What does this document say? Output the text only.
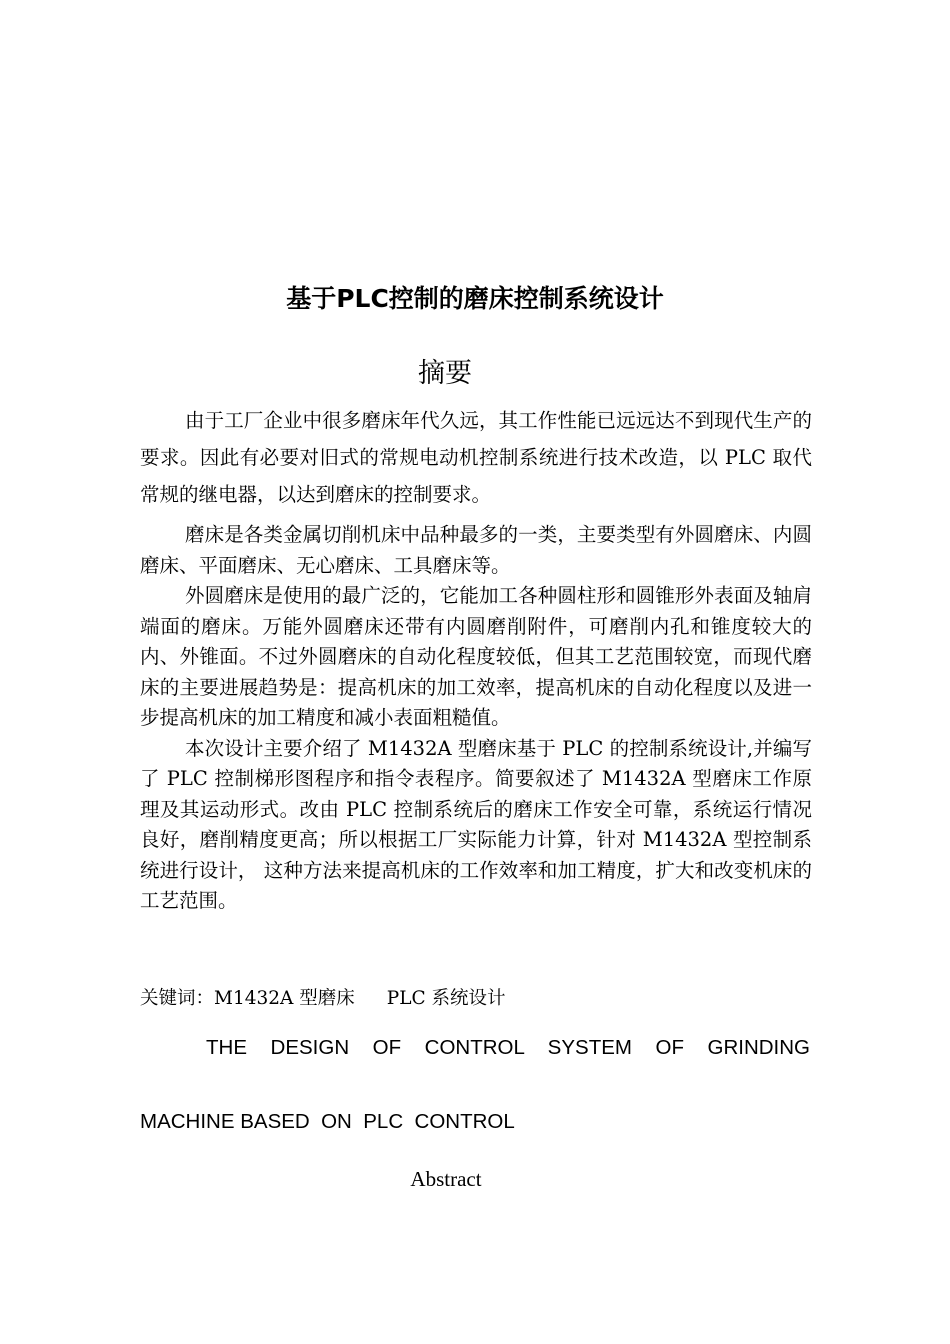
基于PLC控制的磨床控制系统设计
摘要

由于工厂企业中很多磨床年代久远，其工作性能已远远达不到现代生产的要求。因此有必要对旧式的常规电动机控制系统进行技术改造，以 PLC 取代常规的继电器，以达到磨床的控制要求。

磨床是各类金属切削机床中品种最多的一类，主要类型有外圆磨床、内圆磨床、平面磨床、无心磨床、工具磨床等。

外圆磨床是使用的最广泛的，它能加工各种圆柱形和圆锥形外表面及轴肩端面的磨床。万能外圆磨床还带有内圆磨削附件，可磨削内孔和锥度较大的内、外锥面。不过外圆磨床的自动化程度较低，但其工艺范围较宽，而现代磨床的主要进展趋势是：提高机床的加工效率，提高机床的自动化程度以及进一步提高机床的加工精度和减小表面粗糙值。

本次设计主要介绍了 M1432A 型磨床基于 PLC 的控制系统设计,并编写了 PLC 控制梯形图程序和指令表程序。简要叙述了 M1432A 型磨床工作原理及其运动形式。改由 PLC 控制系统后的磨床工作安全可靠，系统运行情况良好，磨削精度更高；所以根据工厂实际能力计算，针对 M1432A 型控制系统进行设计， 这种方法来提高机床的工作效率和加工精度，扩大和改变机床的工艺范围。

关键词：M1432A 型磨床 PLC 系统设计
THE DESIGN OF CONTROL SYSTEM OF GRINDING
MACHINE BASED  ON  PLC  CONTROL
Abstract
